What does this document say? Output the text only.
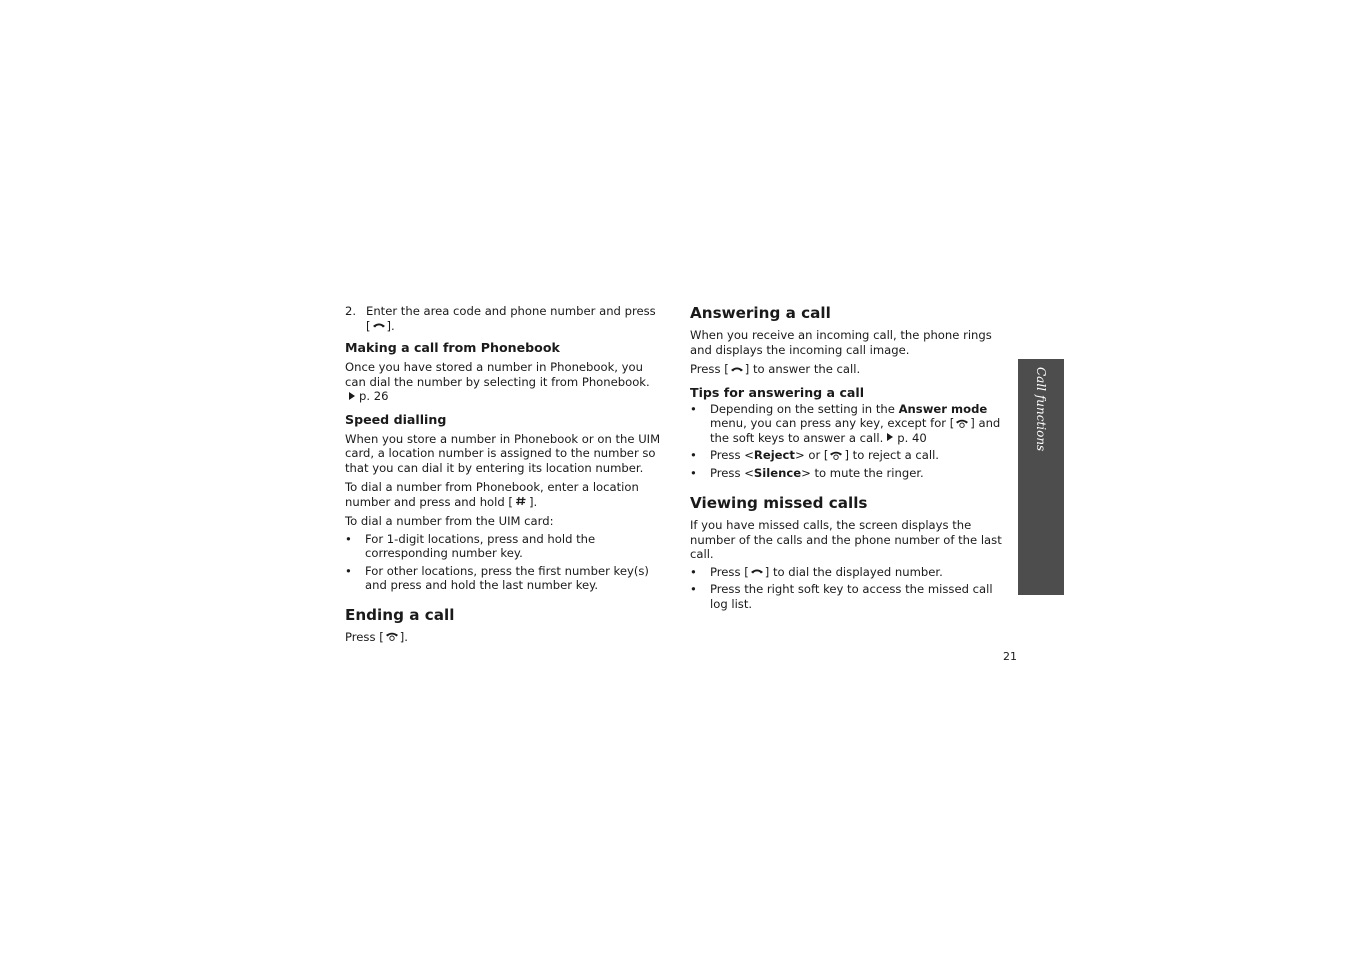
2. Enter the area code and phone number and press
[ ].
Making a call from Phonebook

Once you have stored a number in Phonebook, you can dial the number by selecting it from Phonebook.p. 26

Speed dialling

When you store a number in Phonebook or on the UIM card, a location number is assigned to the number so that you can dial it by entering its location number.

To dial a number from Phonebook, enter a location number and press and hold [ ].

To dial a number from the UIM card:

• For 1-digit locations, press and hold the corresponding number key.
• For other locations, press the first number key(s) and press and hold the last number key.
Ending a call

Press [ ].

Answering a call

When you receive an incoming call, the phone rings and displays the incoming call image.

Press [ ] to answer the call.

Tips for answering a call
• Depending on the setting in the Answer mode menu, you can press any key, except for [ ] and the soft keys to answer a call. p. 40
• Press <Reject> or [ ] to reject a call.
• Press <Silence> to mute the ringer.
Viewing missed calls

If you have missed calls, the screen displays the number of the calls and the phone number of the last call.

• Press [ ] to dial the displayed number.
• Press the right soft key to access the missed call log list.
Call functions
21
